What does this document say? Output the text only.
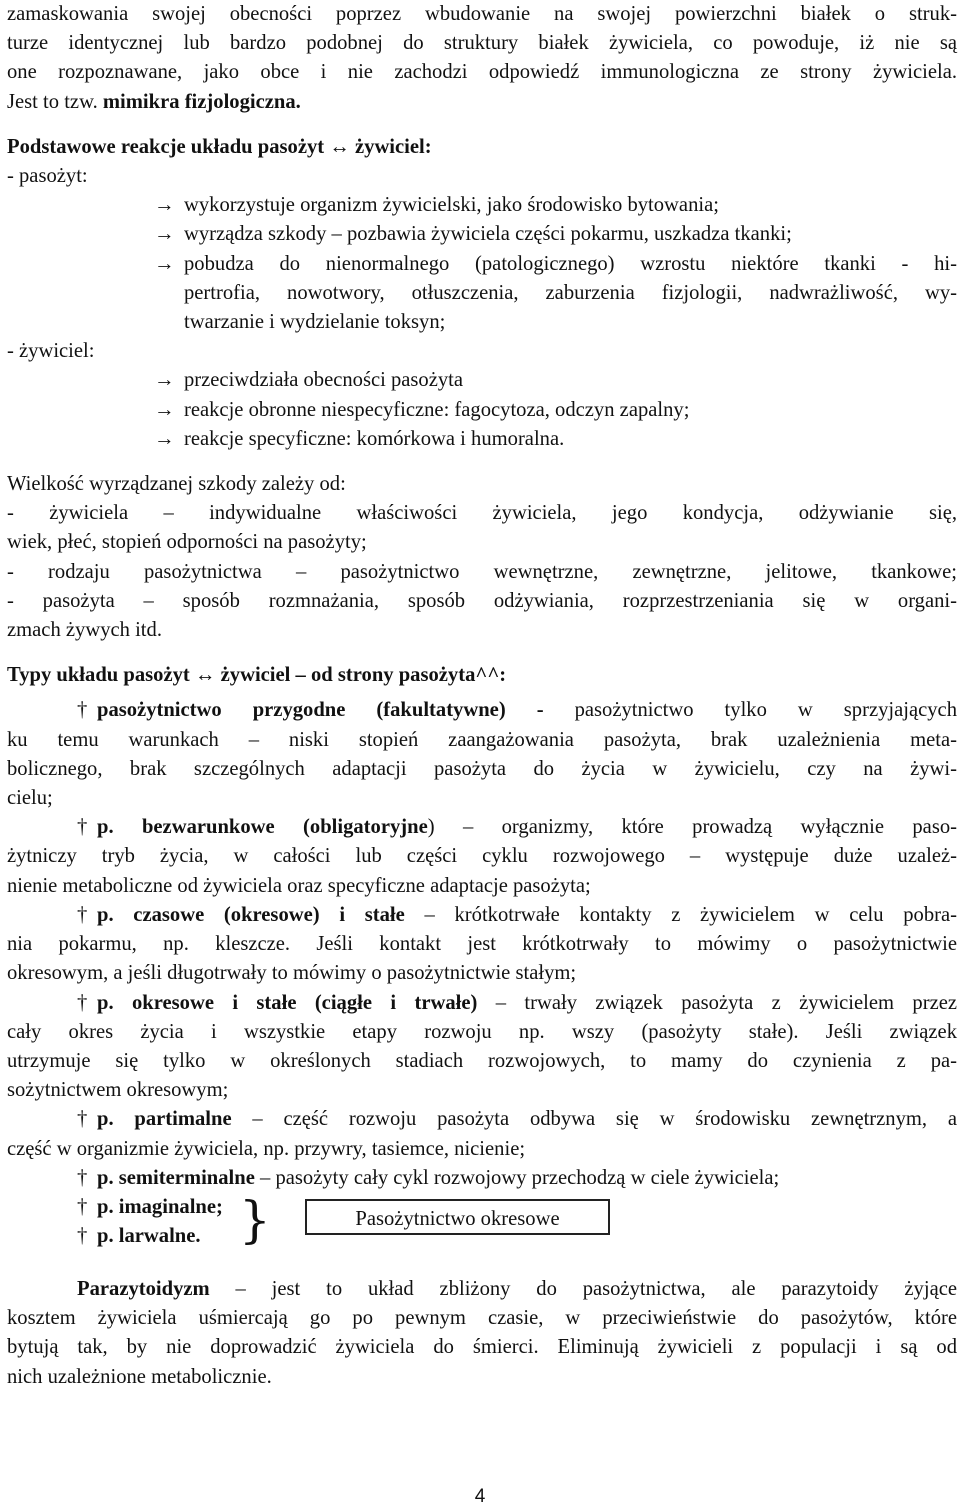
zamaskowania swojej obecności poprzez wbudowanie na swojej powierzchni białek o struk-

turze identycznej lub bardzo podobnej do struktury białek żywiciela, co powoduje, iż nie są

one rozpoznawane, jako obce i nie zachodzi odpowiedź immunologiczna ze strony żywiciela.

Jest to tzw. mimikra fizjologiczna.

Podstawowe reakcje układu pasożyt ↔ żywiciel:

- pasożyt:

→ wykorzystuje organizm żywicielski, jako środowisko bytowania;

→ wyrządza szkody – pozbawia żywiciela części pokarmu, uszkadza tkanki;

→ pobudza do nienormalnego (patologicznego) wzrostu niektóre tkanki - hi-

pertrofia, nowotwory, otłuszczenia, zaburzenia fizjologii, nadwrażliwość, wy-

twarzanie i wydzielanie toksyn;

- żywiciel:

→ przeciwdziała obecności pasożyta

→ reakcje obronne niespecyficzne: fagocytoza, odczyn zapalny;

→ reakcje specyficzne: komórkowa i humoralna.

Wielkość wyrządzanej szkody zależy od:

- żywiciela – indywidualne właściwości żywiciela, jego kondycja, odżywianie się,

wiek, płeć, stopień odporności na pasożyty;

- rodzaju pasożytnictwa – pasożytnictwo wewnętrzne, zewnętrzne, jelitowe, tkankowe;

- pasożyta – sposób rozmnażania, sposób odżywiania, rozprzestrzeniania się w organi-

zmach żywych itd.

Typy układu pasożyt ↔ żywiciel – od strony pasożyta^^:

† pasożytnictwo przygodne (fakultatywne) - pasożytnictwo tylko w sprzyjających

ku temu warunkach – niski stopień zaangażowania pasożyta, brak uzależnienia meta-

bolicznego, brak szczególnych adaptacji pasożyta do życia w żywicielu, czy na żywi-

cielu;

† p. bezwarunkowe (obligatoryjne) – organizmy, które prowadzą wyłącznie paso-

żytniczy tryb życia, w całości lub części cyklu rozwojowego – występuje duże uzależ-

nienie metaboliczne od żywiciela oraz specyficzne adaptacje pasożyta;

† p. czasowe (okresowe) i stałe – krótkotrwałe kontakty z żywicielem w celu pobra-

nia pokarmu, np. kleszcze. Jeśli kontakt jest krótkotrwały to mówimy o pasożytnictwie

okresowym, a jeśli długotrwały to mówimy o pasożytnictwie stałym;

† p. okresowe i stałe (ciągłe i trwałe) – trwały związek pasożyta z żywicielem przez

cały okres życia i wszystkie etapy rozwoju np. wszy (pasożyty stałe). Jeśli związek

utrzymuje się tylko w określonych stadiach rozwojowych, to mamy do czynienia z pa-

sożytnictwem okresowym;

† p. partimalne – część rozwoju pasożyta odbywa się w środowisku zewnętrznym, a

część w organizmie żywiciela, np. przywry, tasiemce, nicienie;

† p. semiterminalne – pasożyty cały cykl rozwojowy przechodzą w ciele żywiciela;

† p. imaginalne;

† p. larwalne. }	Pasożytnictwo okresowe

Parazytoidyzm – jest to układ zbliżony do pasożytnictwa, ale parazytoidy żyjące

kosztem żywiciela uśmiercają go po pewnym czasie, w przeciwieństwie do pasożytów, które

bytują tak, by nie doprowadzić żywiciela do śmierci. Eliminują żywicieli z populacji i są od

nich uzależnione metabolicznie.

4
